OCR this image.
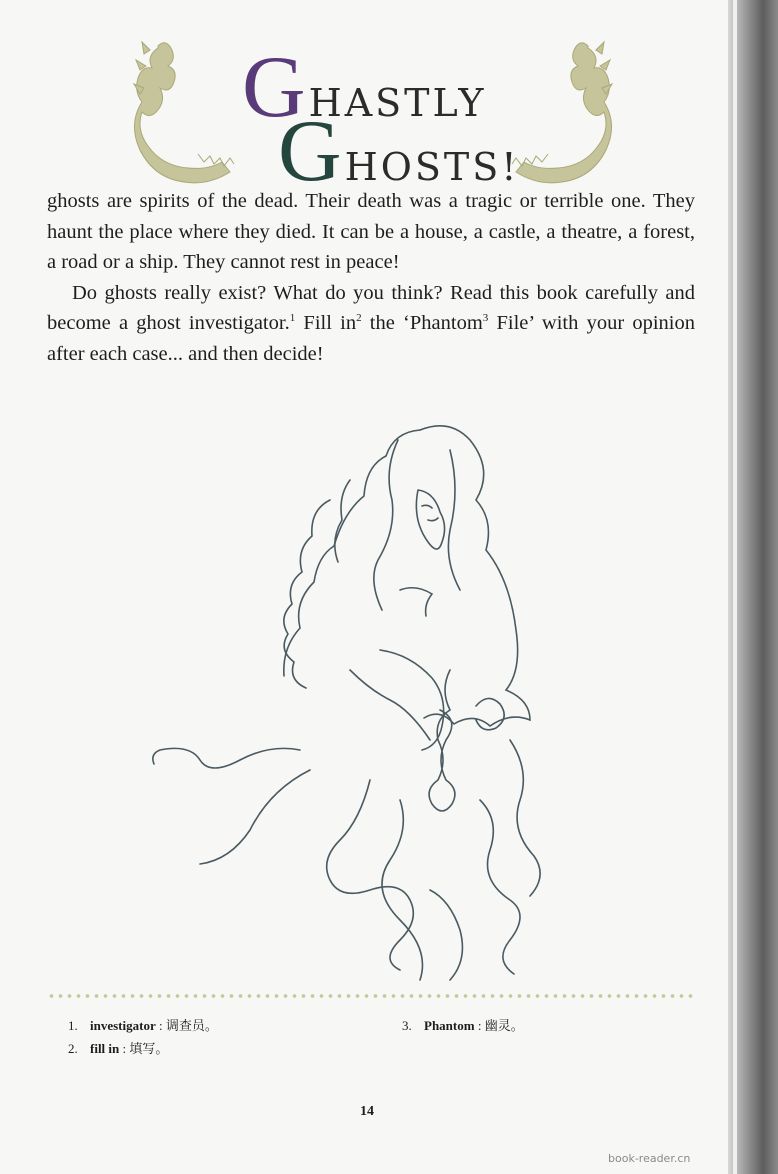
GHASTLY
GHOSTS!

ghosts are spirits of the dead. Their death was a tragic or terrible one. They haunt the place where they died. It can be a house, a castle, a theatre, a forest, a road or a ship. They cannot rest in peace!

Do ghosts really exist? What do you think? Read this book carefully and become a ghost investigator.$^1$ Fill $in^2$ the ‘Phantom$^3$ File’ with your opinion after each case... and then decide!

1. investigator : 调查员。
2. fill in : 填写。
3. Phantom : 幽灵。
14
book-reader.cn
